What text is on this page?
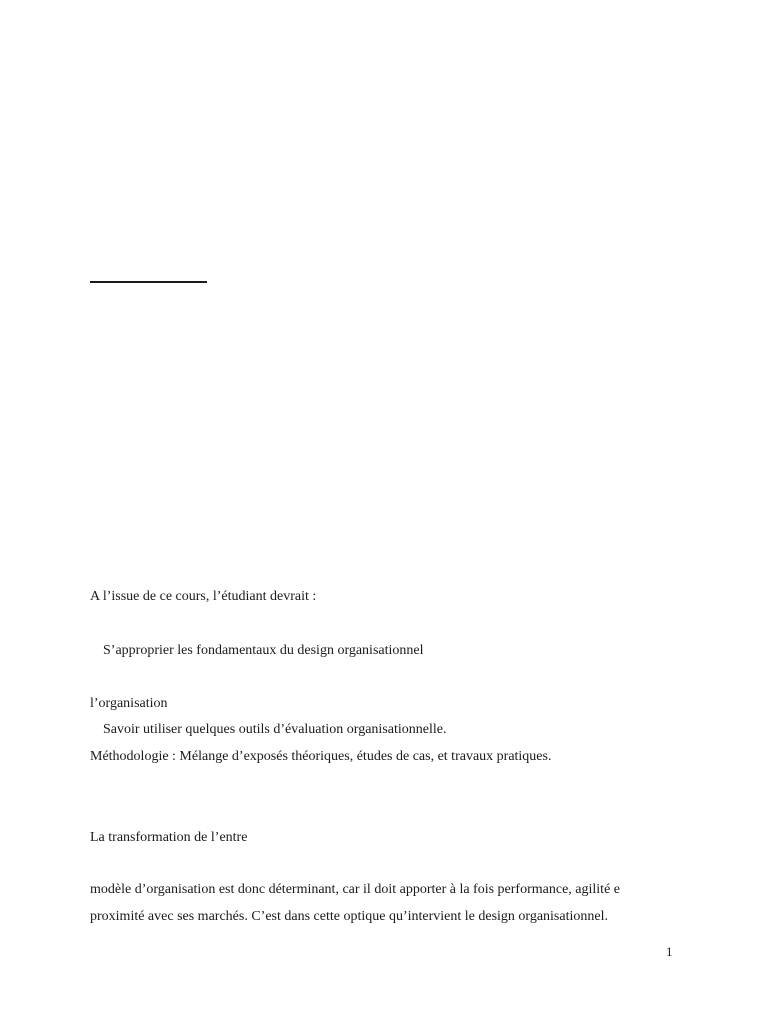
A l’issue de ce cours, l’étudiant devrait :
S’approprier les fondamentaux du design organisationnel
l’organisation
Savoir utiliser quelques outils d’évaluation organisationnelle.
Méthodologie : Mélange d’exposés théoriques, études de cas, et travaux pratiques.
La transformation de l’entre
modèle d’organisation est donc déterminant, car il doit apporter à la fois performance, agilité e
proximité avec ses marchés. C’est dans cette optique qu’intervient le design organisationnel.
1
